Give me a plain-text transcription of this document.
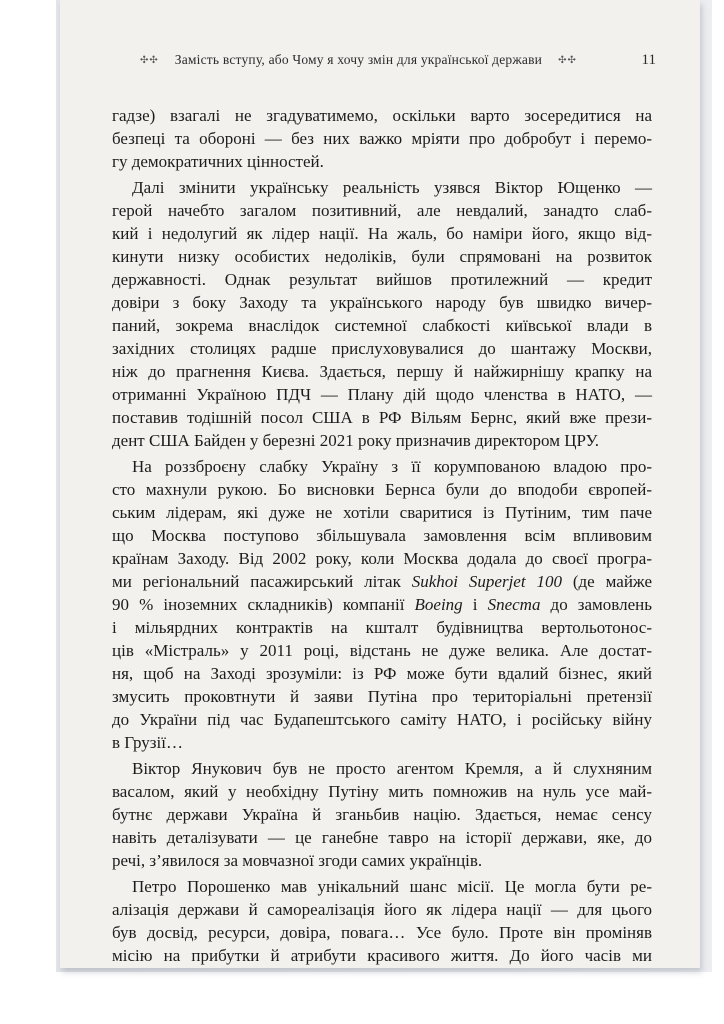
✣✣ Замість вступу, або Чому я хочу змін для української держави ✣✣	11
гадзе) взагалі не згадуватимемо, оскільки варто зосередитися на
безпеці та обороні — без них важко мріяти про добробут і перемо-
гу демократичних цінностей.
Далі змінити українську реальність узявся Віктор Ющенко —
герой начебто загалом позитивний, але невдалий, занадто слаб-
кий і недолугий як лідер нації. На жаль, бо наміри його, якщо від-
кинути низку особистих недоліків, були спрямовані на розвиток
державності. Однак результат вийшов протилежний — кредит
довіри з боку Заходу та українського народу був швидко вичер-
паний, зокрема внаслідок системної слабкості київської влади в
західних столицях радше прислуховувалися до шантажу Москви,
ніж до прагнення Києва. Здається, першу й найжирнішу крапку на
отриманні Україною ПДЧ — Плану дій щодо членства в НАТО, —
поставив тодішній посол США в РФ Вільям Бернс, який вже прези-
дент США Байден у березні 2021 року призначив директором ЦРУ.
На роззброєну слабку Україну з її корумпованою владою про-
сто махнули рукою. Бо висновки Бернса були до вподоби європей-
ським лідерам, які дуже не хотіли сваритися із Путіним, тим паче
що Москва поступово збільшувала замовлення всім впливовим
країнам Заходу. Від 2002 року, коли Москва додала до своєї програ-
ми регіональний пасажирський літак Sukhoi Superjet 100 (де майже
90 % іноземних складників) компанії Boeing і Snecma до замовлень
і мільярдних контрактів на кшталт будівництва вертольотонос-
ців «Містраль» у 2011 році, відстань не дуже велика. Але достат-
ня, щоб на Заході зрозуміли: із РФ може бути вдалий бізнес, який
змусить проковтнути й заяви Путіна про територіальні претензії
до України під час Будапештського саміту НАТО, і російську війну
в Грузії…
Віктор Янукович був не просто агентом Кремля, а й слухняним
васалом, який у необхідну Путіну мить помножив на нуль усе май-
бутнє держави Україна й зганьбив націю. Здається, немає сенсу
навіть деталізувати — це ганебне тавро на історії держави, яке, до
речі, з’явилося за мовчазної згоди самих українців.
Петро Порошенко мав унікальний шанс місії. Це могла бути ре-
алізація держави й самореалізація його як лідера нації — для цього
був досвід, ресурси, довіра, повага… Усе було. Проте він проміняв
місію на прибутки й атрибути красивого життя. До його часів ми
